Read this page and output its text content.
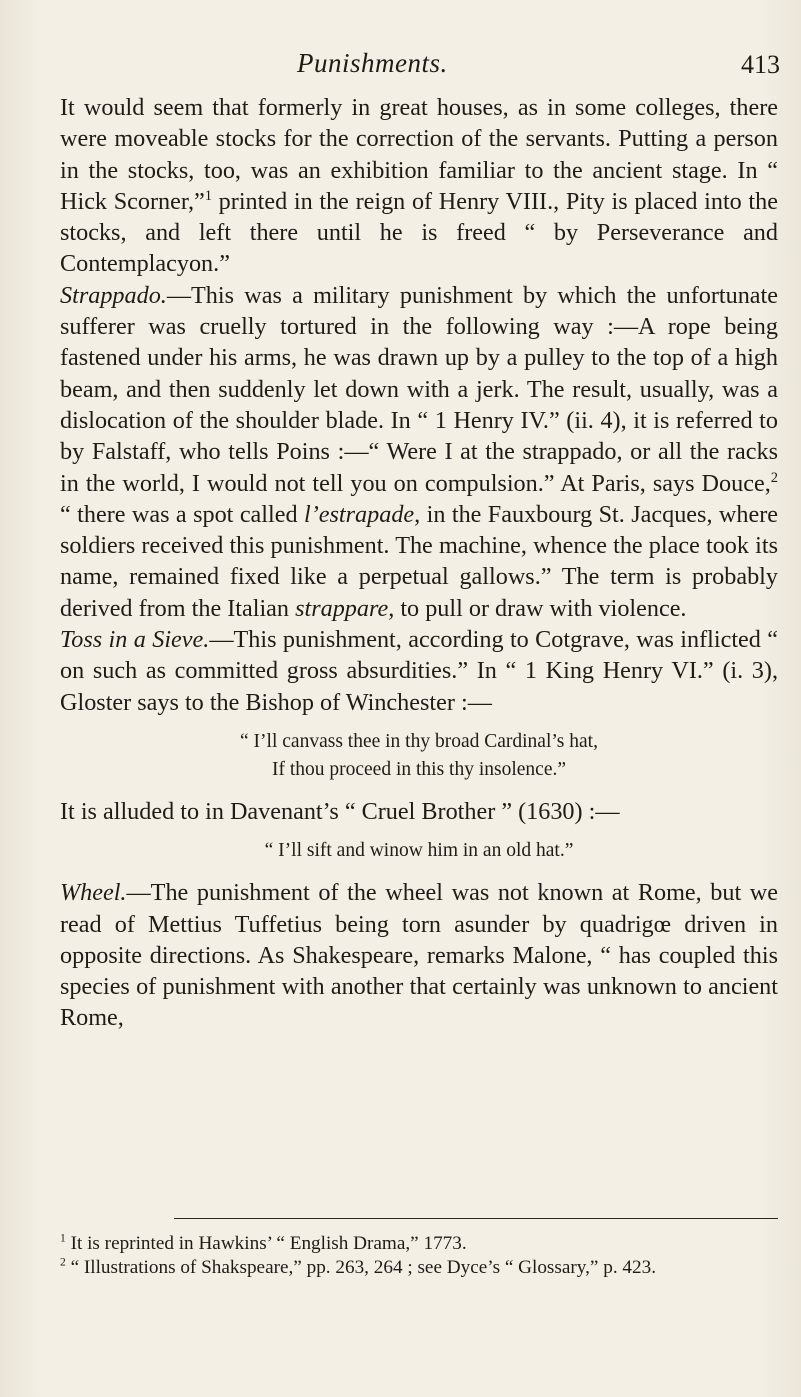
Punishments.	413

It would seem that formerly in great houses, as in some colleges, there were moveable stocks for the correction of the servants. Putting a person in the stocks, too, was an exhibition familiar to the ancient stage. In “ Hick Scorner,”$^1$ printed in the reign of Henry VIII., Pity is placed into the stocks, and left there until he is freed “ by Perseverance and Contemplacyon.”

Strappado.—This was a military punishment by which the unfortunate sufferer was cruelly tortured in the following way :—A rope being fastened under his arms, he was drawn up by a pulley to the top of a high beam, and then suddenly let down with a jerk. The result, usually, was a dislocation of the shoulder blade. In “ 1 Henry IV.” (ii. 4), it is referred to by Falstaff, who tells Poins :—“ Were I at the strappado, or all the racks in the world, I would not tell you on compulsion.” At Paris, says Douce,$^2$ “ there was a spot called l’estrapade, in the Fauxbourg St. Jacques, where soldiers received this punishment. The machine, whence the place took its name, remained fixed like a perpetual gallows.” The term is probably derived from the Italian strappare, to pull or draw with violence.

Toss in a Sieve.—This punishment, according to Cotgrave, was inflicted “ on such as committed gross absurdities.” In “ 1 King Henry VI.” (i. 3), Gloster says to the Bishop of Winchester :—

“ I’ll canvass thee in thy broad Cardinal’s hat,
If thou proceed in this thy insolence.”

It is alluded to in Davenant’s “ Cruel Brother ” (1630) :—

“ I’ll sift and winow him in an old hat.”

Wheel.—The punishment of the wheel was not known at Rome, but we read of Mettius Tuffetius being torn asunder by quadrigœ driven in opposite directions. As Shakespeare, remarks Malone, “ has coupled this species of punishment with another that certainly was unknown to ancient Rome,

$^1$ It is reprinted in Hawkins’ “ English Drama,” 1773.

$^2$ “ Illustrations of Shakspeare,” pp. 263, 264 ; see Dyce’s “ Glossary,” p. 423.
